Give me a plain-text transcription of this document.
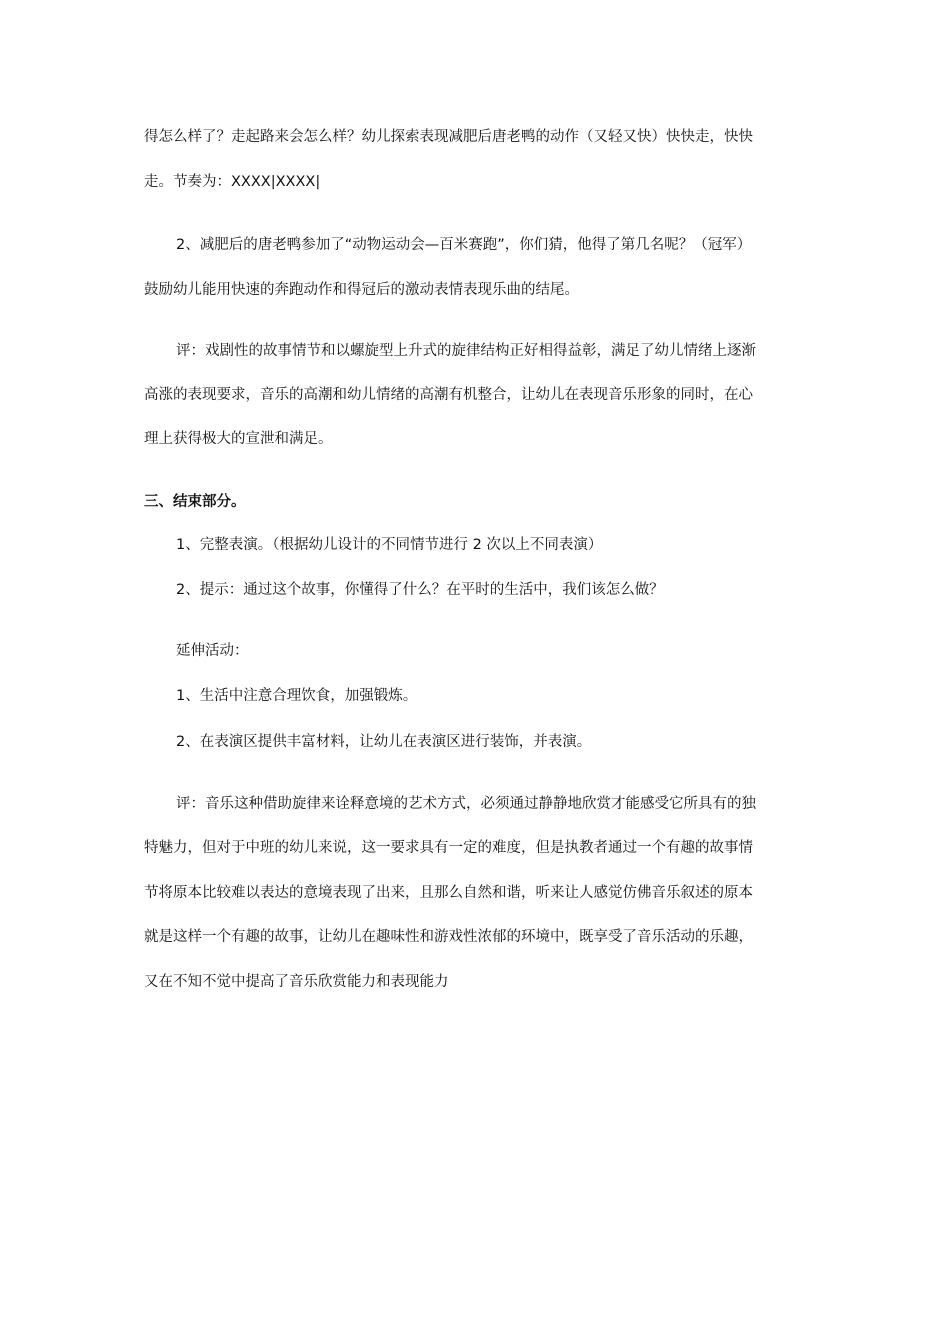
得怎么样了？走起路来会怎么样？幼儿探索表现减肥后唐老鸭的动作（又轻又快）快快走，快快
走。节奏为：XXXX|XXXX|
2、减肥后的唐老鸭参加了“动物运动会—百米赛跑”，你们猜，他得了第几名呢？（冠军）
鼓励幼儿能用快速的奔跑动作和得冠后的激动表情表现乐曲的结尾。
评：戏剧性的故事情节和以螺旋型上升式的旋律结构正好相得益彰，满足了幼儿情绪上逐渐
高涨的表现要求，音乐的高潮和幼儿情绪的高潮有机整合，让幼儿在表现音乐形象的同时，在心
理上获得极大的宣泄和满足。
三、结束部分。
1、完整表演。（根据幼儿设计的不同情节进行 2 次以上不同表演）
2、提示：通过这个故事，你懂得了什么？在平时的生活中，我们该怎么做？
延伸活动：
1、生活中注意合理饮食，加强锻炼。
2、在表演区提供丰富材料，让幼儿在表演区进行装饰，并表演。
评：音乐这种借助旋律来诠释意境的艺术方式，必须通过静静地欣赏才能感受它所具有的独
特魅力，但对于中班的幼儿来说，这一要求具有一定的难度，但是执教者通过一个有趣的故事情
节将原本比较难以表达的意境表现了出来，且那么自然和谐，听来让人感觉仿佛音乐叙述的原本
就是这样一个有趣的故事，让幼儿在趣味性和游戏性浓郁的环境中，既享受了音乐活动的乐趣，
又在不知不觉中提高了音乐欣赏能力和表现能力
